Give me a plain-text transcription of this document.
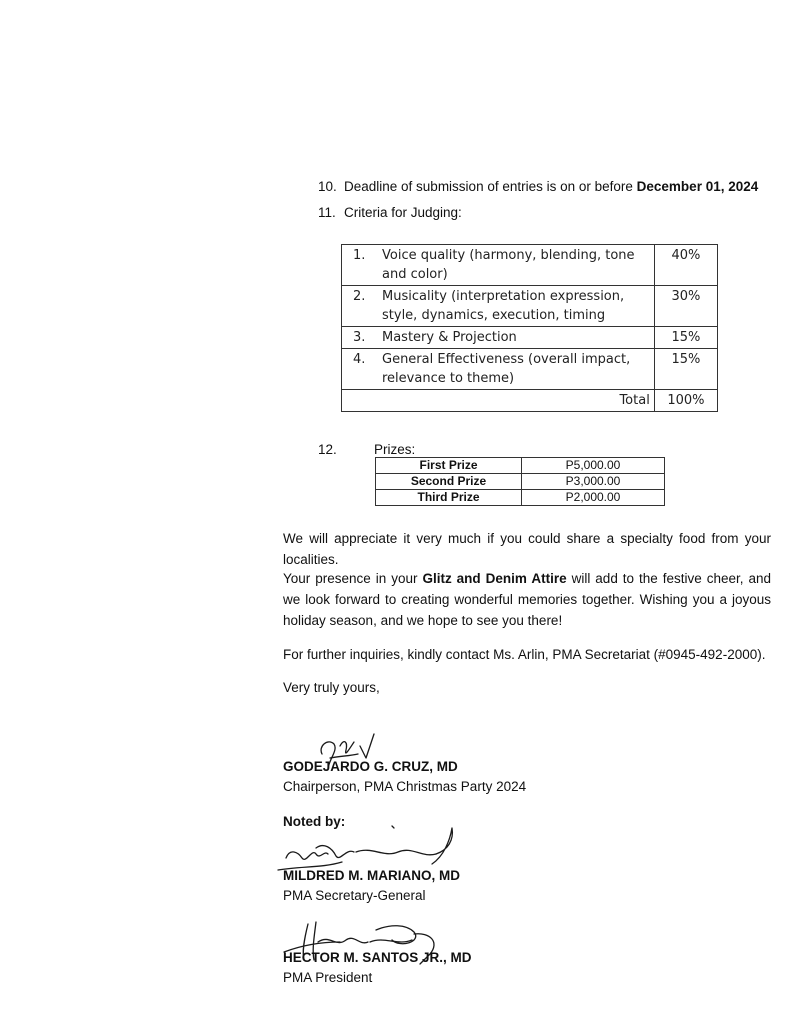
10. Deadline of submission of entries is on or before December 01, 2024
11. Criteria for Judging:
1. Voice quality (harmony, blending, tone and color)	40%

2. Musicality (interpretation expression, style, dynamics, execution, timing	30%

3. Mastery & Projection	15%

4. General Effectiveness (overall impact, relevance to theme)	15%
Total	100%
12.	Prizes:
First Prize	P5,000.00
Second Prize	P3,000.00
Third Prize	P2,000.00
We will appreciate it very much if you could share a specialty food from your localities.
Your presence in your Glitz and Denim Attire will add to the festive cheer, and we look forward to creating wonderful memories together. Wishing you a joyous holiday season, and we hope to see you there!
For further inquiries, kindly contact Ms. Arlin, PMA Secretariat (#0945-492-2000).
Very truly yours,
GODEJARDO G. CRUZ, MD
Chairperson, PMA Christmas Party 2024
Noted by:
MILDRED M. MARIANO, MD
PMA Secretary-General
HECTOR M. SANTOS JR., MD
PMA President
